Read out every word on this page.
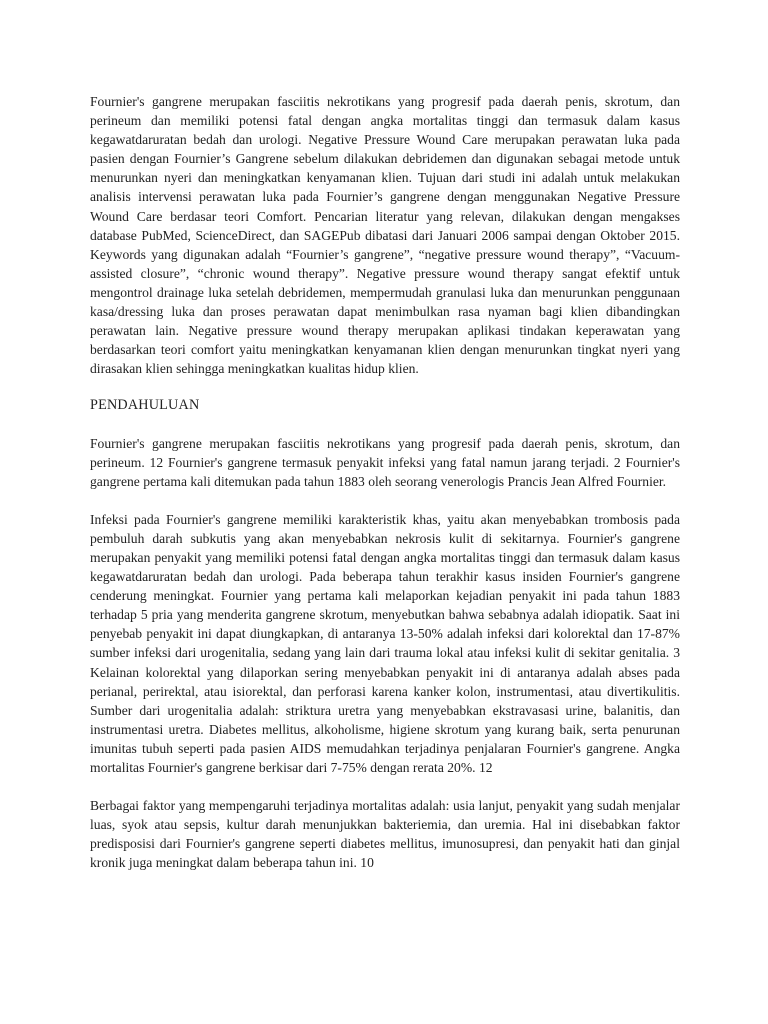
Fournier's gangrene merupakan fasciitis nekrotikans yang progresif pada daerah penis, skrotum, dan perineum dan memiliki potensi fatal dengan angka mortalitas tinggi dan termasuk dalam kasus kegawatdaruratan bedah dan urologi. Negative Pressure Wound Care merupakan perawatan luka pada pasien dengan Fournier’s Gangrene sebelum dilakukan debridemen dan digunakan sebagai metode untuk menurunkan nyeri dan meningkatkan kenyamanan klien. Tujuan dari studi ini adalah untuk melakukan analisis intervensi perawatan luka pada Fournier’s gangrene dengan menggunakan Negative Pressure Wound Care berdasar teori Comfort. Pencarian literatur yang relevan, dilakukan dengan mengakses database PubMed, ScienceDirect, dan SAGEPub dibatasi dari Januari 2006 sampai dengan Oktober 2015. Keywords yang digunakan adalah “Fournier’s gangrene”, “negative pressure wound therapy”, “Vacuum-assisted closure”, “chronic wound therapy”. Negative pressure wound therapy sangat efektif untuk mengontrol drainage luka setelah debridemen, mempermudah granulasi luka dan menurunkan penggunaan kasa/dressing luka dan proses perawatan dapat menimbulkan rasa nyaman bagi klien dibandingkan perawatan lain. Negative pressure wound therapy merupakan aplikasi tindakan keperawatan yang berdasarkan teori comfort yaitu meningkatkan kenyamanan klien dengan menurunkan tingkat nyeri yang dirasakan klien sehingga meningkatkan kualitas hidup klien.

PENDAHULUAN

Fournier's gangrene merupakan fasciitis nekrotikans yang progresif pada daerah penis, skrotum, dan perineum. 12 Fournier's gangrene termasuk penyakit infeksi yang fatal namun jarang terjadi. 2 Fournier's gangrene pertama kali ditemukan pada tahun 1883 oleh seorang venerologis Prancis Jean Alfred Fournier.

Infeksi pada Fournier's gangrene memiliki karakteristik khas, yaitu akan menyebabkan trombosis pada pembuluh darah subkutis yang akan menyebabkan nekrosis kulit di sekitarnya. Fournier's gangrene merupakan penyakit yang memiliki potensi fatal dengan angka mortalitas tinggi dan termasuk dalam kasus kegawatdaruratan bedah dan urologi. Pada beberapa tahun terakhir kasus insiden Fournier's gangrene cenderung meningkat. Fournier yang pertama kali melaporkan kejadian penyakit ini pada tahun 1883 terhadap 5 pria yang menderita gangrene skrotum, menyebutkan bahwa sebabnya adalah idiopatik. Saat ini penyebab penyakit ini dapat diungkapkan, di antaranya 13-50% adalah infeksi dari kolorektal dan 17-87% sumber infeksi dari urogenitalia, sedang yang lain dari trauma lokal atau infeksi kulit di sekitar genitalia. 3 Kelainan kolorektal yang dilaporkan sering menyebabkan penyakit ini di antaranya adalah abses pada perianal, perirektal, atau isiorektal, dan perforasi karena kanker kolon, instrumentasi, atau divertikulitis. Sumber dari urogenitalia adalah: striktura uretra yang menyebabkan ekstravasasi urine, balanitis, dan instrumentasi uretra. Diabetes mellitus, alkoholisme, higiene skrotum yang kurang baik, serta penurunan imunitas tubuh seperti pada pasien AIDS memudahkan terjadinya penjalaran Fournier's gangrene. Angka mortalitas Fournier's gangrene berkisar dari 7-75% dengan rerata 20%. 12

Berbagai faktor yang mempengaruhi terjadinya mortalitas adalah: usia lanjut, penyakit yang sudah menjalar luas, syok atau sepsis, kultur darah menunjukkan bakteriemia, dan uremia. Hal ini disebabkan faktor predisposisi dari Fournier's gangrene seperti diabetes mellitus, imunosupresi, dan penyakit hati dan ginjal kronik juga meningkat dalam beberapa tahun ini. 10
